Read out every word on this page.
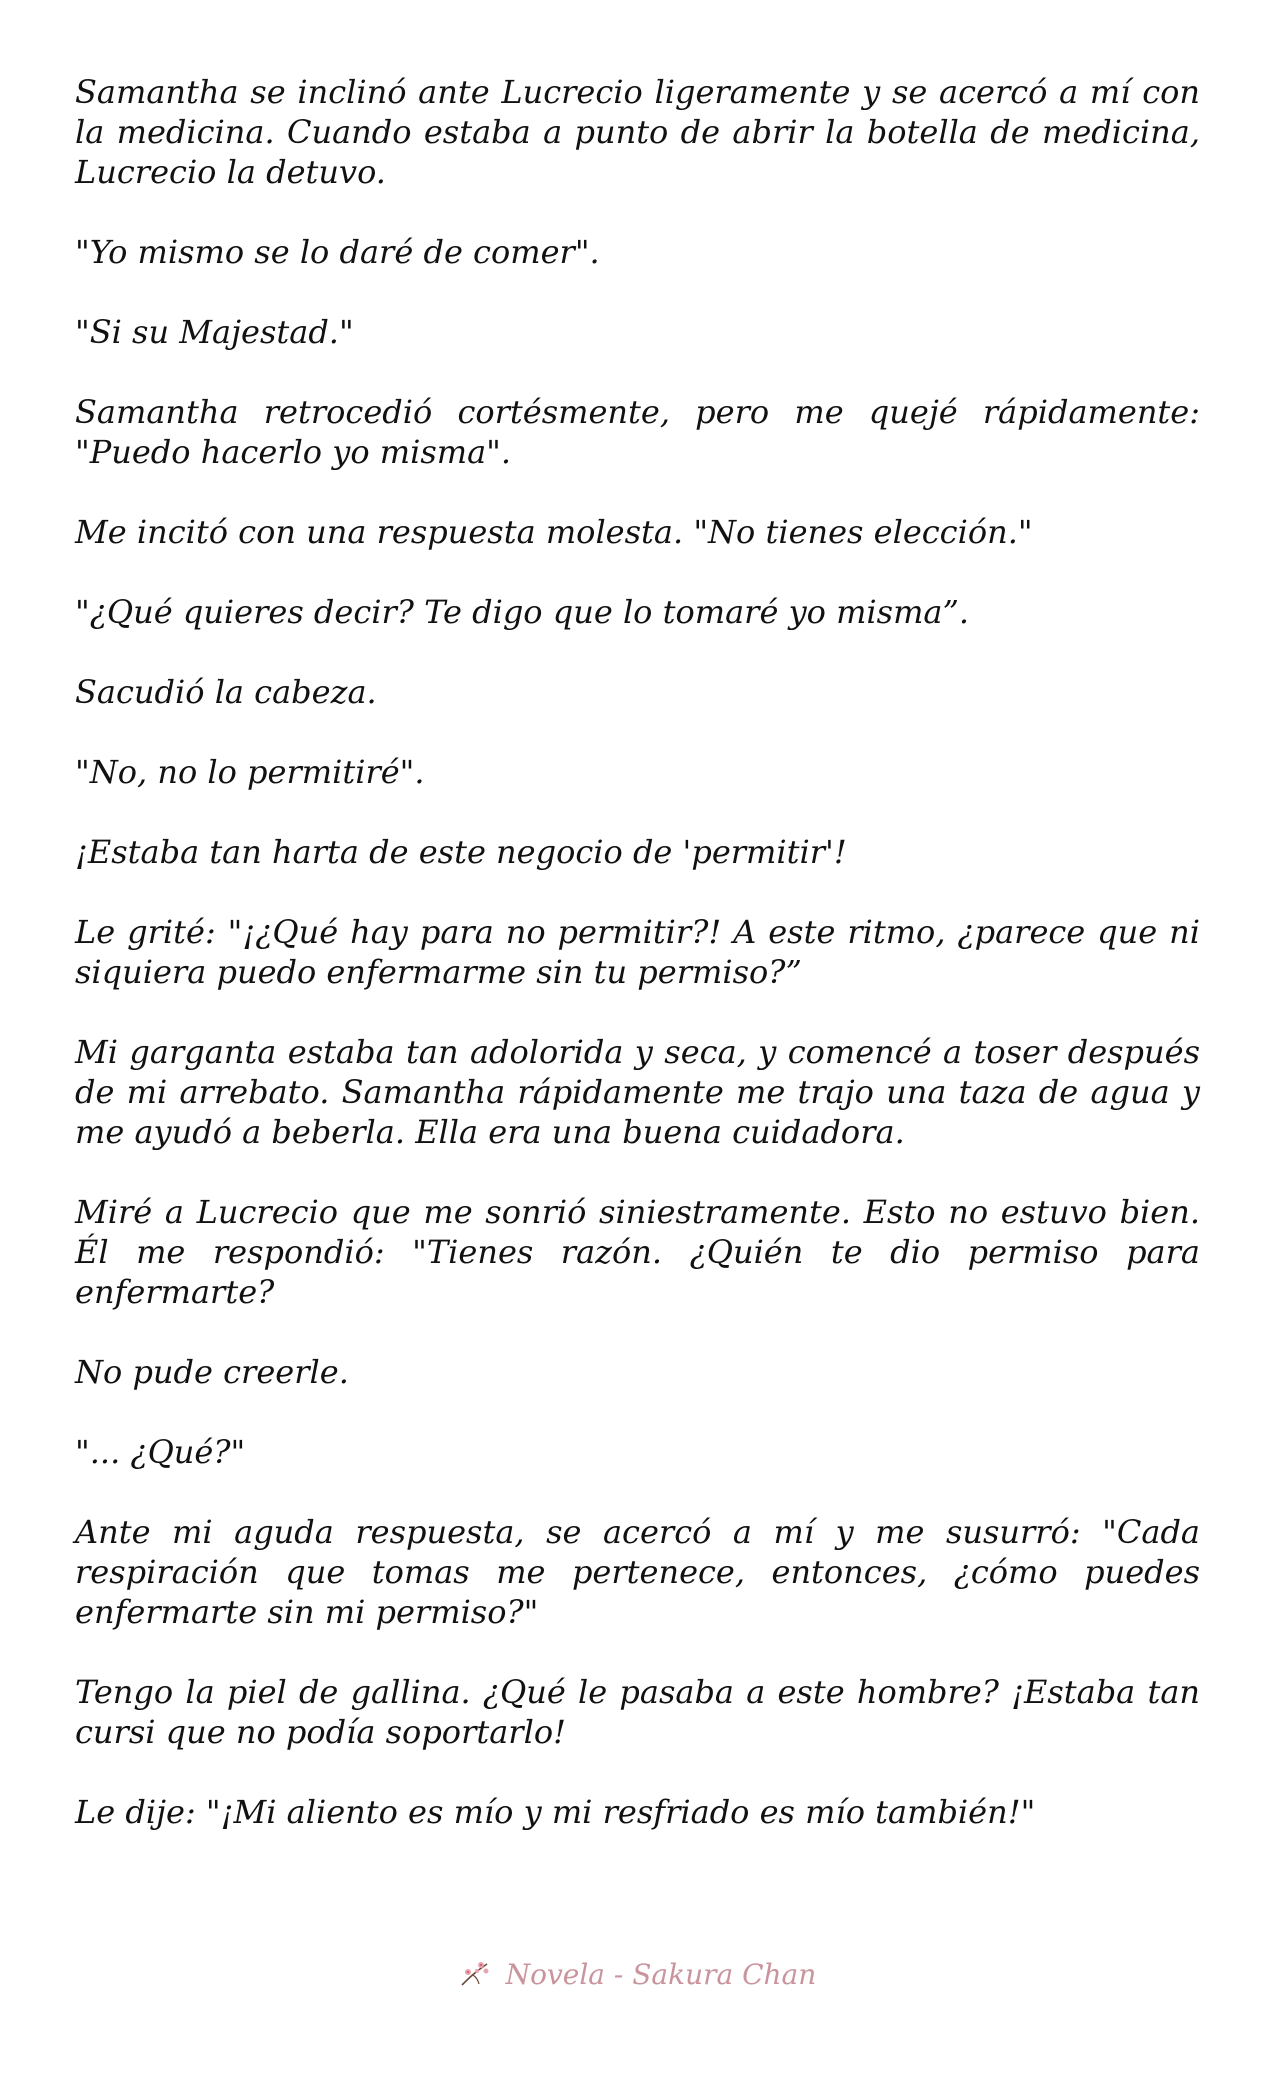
Samantha se inclinó ante Lucrecio ligeramente y se acercó a mí con la medicina. Cuando estaba a punto de abrir la botella de medicina, Lucrecio la detuvo.

"Yo mismo se lo daré de comer".

"Si su Majestad."

Samantha retrocedió cortésmente, pero me quejé rápidamente: "Puedo hacerlo yo misma".

Me incitó con una respuesta molesta. "No tienes elección."

"¿Qué quieres decir? Te digo que lo tomaré yo misma”.

Sacudió la cabeza.

"No, no lo permitiré".

¡Estaba tan harta de este negocio de 'permitir'!

Le grité: "¡¿Qué hay para no permitir?! A este ritmo, ¿parece que ni siquiera puedo enfermarme sin tu permiso?”

Mi garganta estaba tan adolorida y seca, y comencé a toser después de mi arrebato. Samantha rápidamente me trajo una taza de agua y me ayudó a beberla. Ella era una buena cuidadora.

Miré a Lucrecio que me sonrió siniestramente. Esto no estuvo bien. Él me respondió: "Tienes razón. ¿Quién te dio permiso para enfermarte?

No pude creerle.

"... ¿Qué?"

Ante mi aguda respuesta, se acercó a mí y me susurró: "Cada respiración que tomas me pertenece, entonces, ¿cómo puedes enfermarte sin mi permiso?"

Tengo la piel de gallina. ¿Qué le pasaba a este hombre? ¡Estaba tan cursi que no podía soportarlo!

Le dije: "¡Mi aliento es mío y mi resfriado es mío también!"

Novela - Sakura Chan
